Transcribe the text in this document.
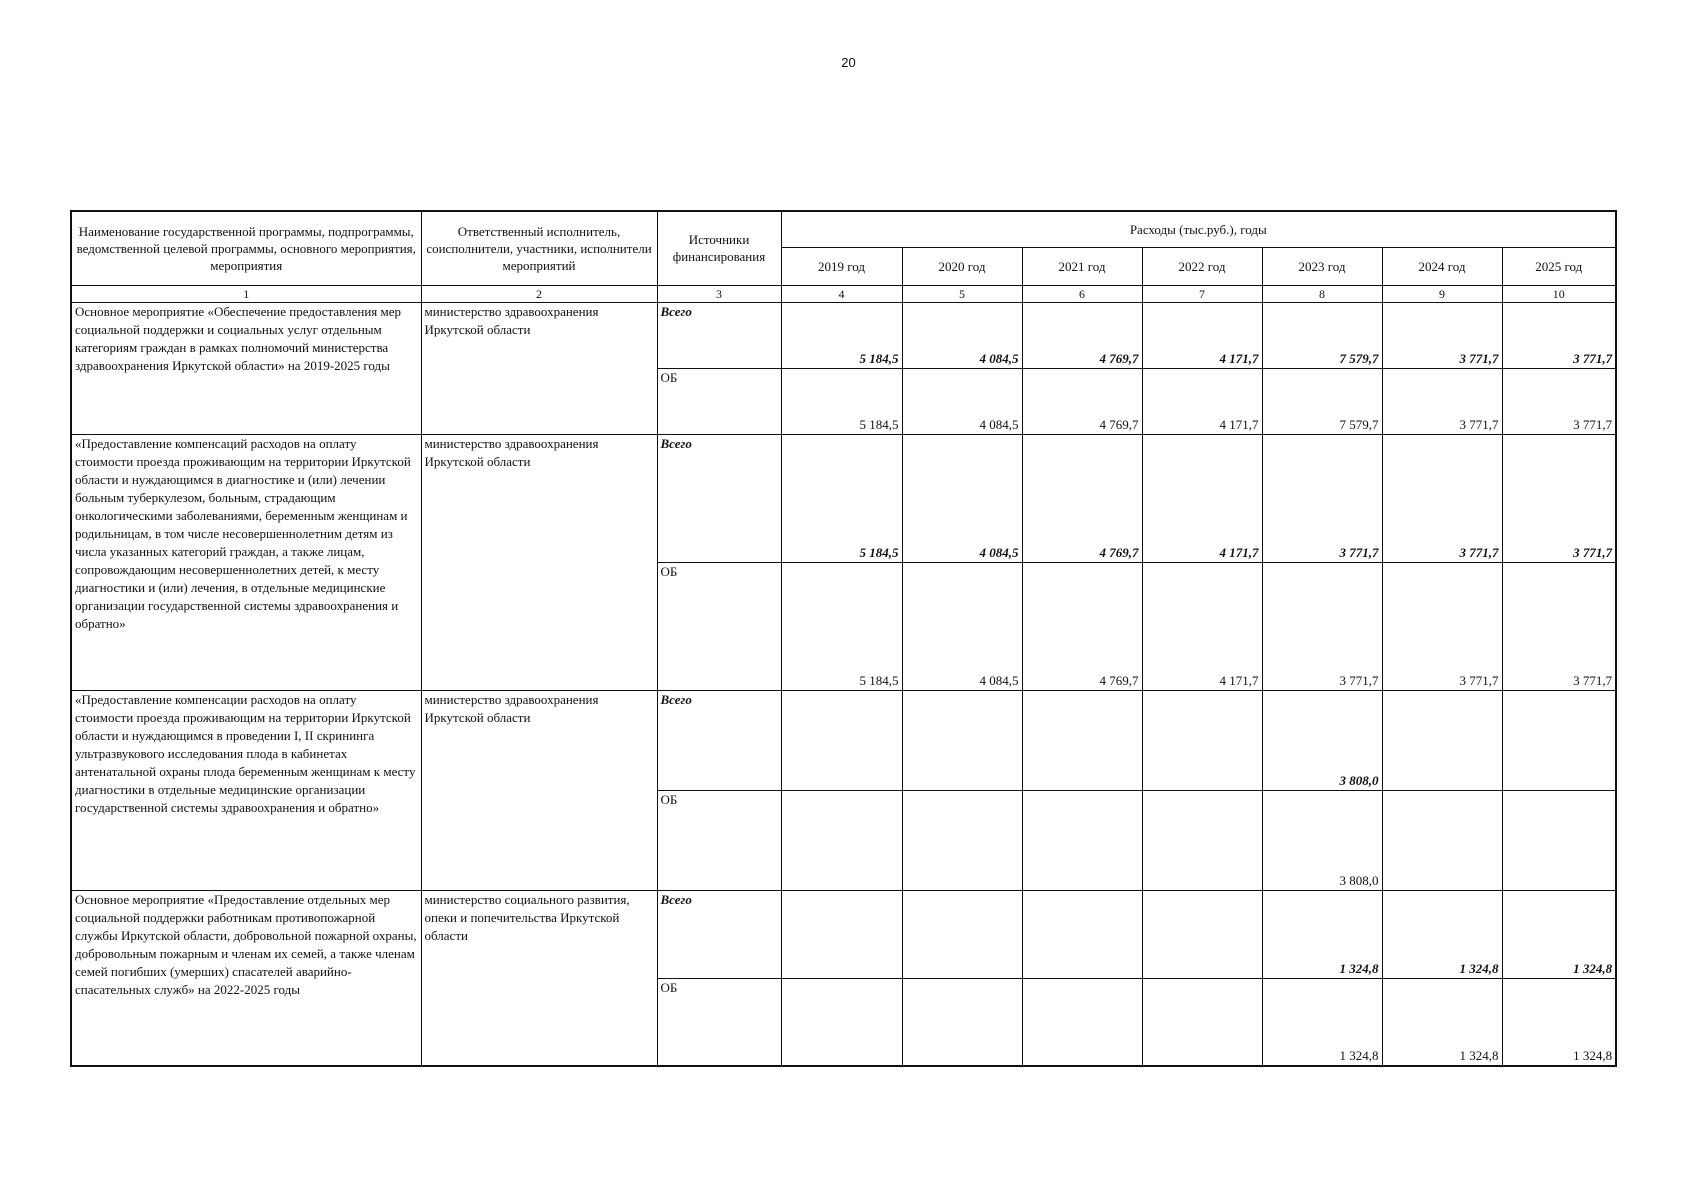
20
Наименование государственной программы, подпрограммы, ведомственной целевой программы, основного мероприятия, мероприятия	Ответственный исполнитель, соисполнители, участники, исполнители мероприятий	Источники финансирования	Расходы (тыс.руб.), годы						
			2019 год	2020 год	2021 год	2022 год	2023 год	2024 год	2025 год
1	2	3	4	5	6	7	8	9	10
Основное мероприятие «Обеспечение предоставления мер социальной поддержки и социальных услуг отдельным категориям граждан в рамках полномочий министерства здравоохранения Иркутской области» на 2019-2025 годы	министерство здравоохранения Иркутской области	Всего	5 184,5	4 084,5	4 769,7	4 171,7	7 579,7	3 771,7	3 771,7
		ОБ	5 184,5	4 084,5	4 769,7	4 171,7	7 579,7	3 771,7	3 771,7
«Предоставление компенсаций расходов на оплату стоимости проезда проживающим на территории Иркутской области и нуждающимся в диагностике и (или) лечении больным туберкулезом, больным, страдающим онкологическими заболеваниями, беременным женщинам и родильницам, в том числе несовершеннолетним детям из числа указанных категорий граждан, а также лицам, сопровождающим несовершеннолетних детей, к месту диагностики и (или) лечения, в отдельные медицинские организации государственной системы здравоохранения и обратно»	министерство здравоохранения Иркутской области	Всего	5 184,5	4 084,5	4 769,7	4 171,7	3 771,7	3 771,7	3 771,7
		ОБ	5 184,5	4 084,5	4 769,7	4 171,7	3 771,7	3 771,7	3 771,7
«Предоставление компенсации расходов на оплату стоимости проезда проживающим на территории Иркутской области и нуждающимся в проведении I, II скрининга ультразвукового исследования плода в кабинетах антенатальной охраны плода беременным женщинам к месту диагностики в отдельные медицинские организации государственной системы здравоохранения и обратно»	министерство здравоохранения Иркутской области	Всего					3 808,0		
		ОБ					3 808,0		
Основное мероприятие «Предоставление отдельных мер социальной поддержки работникам противопожарной службы Иркутской области, добровольной пожарной охраны, добровольным пожарным и членам их семей, а также членам семей погибших (умерших) спасателей аварийно-спасательных служб» на 2022-2025 годы	министерство социального развития, опеки и попечительства Иркутской области	Всего					1 324,8	1 324,8	1 324,8
		ОБ					1 324,8	1 324,8	1 324,8
